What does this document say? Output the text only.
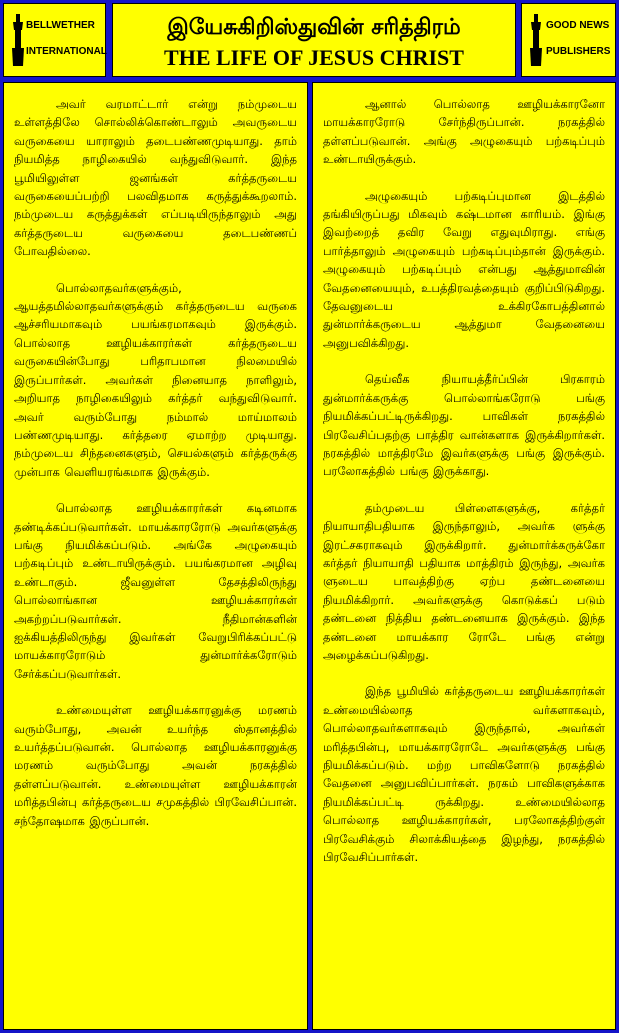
BELLWETHER
INTERNATIONAL
இயேசுகிறிஸ்துவின் சரித்திரம்
THE LIFE OF JESUS CHRIST
GOOD NEWS
PUBLISHERS

அவர் வரமாட்டார் என்று நம்முடைய உள்ளத்திலே சொல்லிக்கொண்டாலும் அவருடைய வருகையை யாராலும் தடைபண்ணமுடியாது. தாம் நியமித்த நாழிகையில் வந்துவிடுவார். இந்த பூமியிலுள்ள ஜனங்கள் கர்த்தருடைய வருகையைப்பற்றி பலவிதமாக கருத்துக்கூறலாம். நம்முடைய கருத்துக்கள் எப்படியிருந்தாலும் அது கர்த்தருடைய வருகையை தடைபண்ணப் போவதில்லை.

பொல்லாதவர்களுக்கும், ஆயத்தமில்லாதவர்களுக்கும் கர்த்தருடைய வருகை ஆச்சரியமாகவும் பயங்கரமாகவும் இருக்கும். பொல்லாத ஊழியக்காரர்கள் கர்த்தருடைய வருகையின்போது பரிதாபமான நிலமையில் இருப்பார்கள். அவர்கள் நினையாத நாளிலும், அறியாத நாழிகையிலும் கர்த்தர் வந்துவிடுவார். அவர் வரும்போது நம்மால் மாய்மாலம் பண்ணமுடியாது. கர்த்தரை ஏமாற்ற முடியாது. நம்முடைய சிந்தனைகளும், செயல்களும் கர்த்தருக்கு முன்பாக வெளியரங்கமாக இருக்கும்.

பொல்லாத ஊழியக்காரர்கள் கடினமாக தண்டிக்கப்படுவார்கள். மாயக்காரரோடு அவர்களுக்கு பங்கு நியமிக்கப்படும். அங்கே அழுகையும் பற்கடிப்பும் உண்டாயிருக்கும். பயங்கரமான அழிவு உண்டாகும். ஜீவனுள்ள தேசத்திலிருந்து பொல்லாங்கான ஊழியக்காரர்கள் அகற்றப்படுவார்கள். நீதிமான்களின் ஐக்கியத்திலிருந்து இவர்கள் வேறுபிரிக்கப்பட்டு மாயக்காரரோடும் துன்மார்க்கரோடும் சேர்க்கப்படுவார்கள்.

உண்மையுள்ள ஊழியக்காரனுக்கு மரணம் வரும்போது, அவன் உயர்ந்த ஸ்தானத்தில் உயர்த்தப்படுவான். பொல்லாத ஊழியக்காரனுக்கு மரணம் வரும்போது அவன் நரகத்தில் தள்ளப்படுவான். உண்மையுள்ள ஊழியக்காரன் மரித்தபின்பு கர்த்தருடைய சமுகத்தில் பிரவேசிப்பான். சந்தோஷமாக இருப்பான்.

ஆனால் பொல்லாத ஊழியக்காரனோ மாயக்காரரோடு சேர்ந்திருப்பான். நரகத்தில் தள்ளப்படுவான். அங்கு அழுகையும் பற்கடிப்பும் உண்டாயிருக்கும்.

அழுகையும் பற்கடிப்புமான இடத்தில் தங்கியிருப்பது மிகவும் கஷ்டமான காரியம். இங்கு இவற்றைத் தவிர வேறு எதுவுமிராது. எங்கு பார்த்தாலும் அழுகையும் பற்கடிப்பும்தான் இருக்கும். அழுகையும் பற்கடிப்பும் என்பது ஆத்துமாவின் வேதனையையும், உபத்திரவத்தையும் குறிப்பிடுகிறது. தேவனுடைய உக்கிரகோபத்தினால் துன்மார்க்கருடைய ஆத்துமா வேதனையை அனுபவிக்கிறது.

தெய்வீக நியாயத்தீர்ப்பின் பிரகாரம் துன்மார்க்கருக்கு பொல்லாங்கரோடு பங்கு நியமிக்கப்பட்டிருக்கிறது. பாவிகள் நரகத்தில் பிரவேசிப்பதற்கு பாத்திர வான்களாக இருக்கிறார்கள். நரகத்தில் மாத்திரமே இவர்களுக்கு பங்கு இருக்கும். பரலோகத்தில் பங்கு இருக்காது.

தம்முடைய பிள்ளைகளுக்கு, கர்த்தர் நியாயாதிபதியாக இருந்தாலும், அவர்க ளுக்கு இரட்சகராகவும் இருக்கிறார். துன்மார்க்கருக்கோ கர்த்தர் நியாயாதி பதியாக மாத்திரம் இருந்து, அவர்க ளுடைய பாவத்திற்கு ஏற்ப தண்டனையை நியமிக்கிறார். அவர்களுக்கு கொடுக்கப் படும் தண்டனை நித்திய தண்டனையாக இருக்கும். இந்த தண்டனை மாயக்கார ரோடே பங்கு என்று அழைக்கப்படுகிறது.

இந்த பூமியில் கர்த்தருடைய ஊழியக்காரர்கள் உண்மையில்லாத வர்களாகவும், பொல்லாதவர்களாகவும் இருந்தால், அவர்கள் மரித்தபின்பு, மாயக்காரரோடே அவர்களுக்கு பங்கு நியமிக்கப்படும். மற்ற பாவிகளோடு நரகத்தில் வேதனை அனுபவிப்பார்கள். நரகம் பாவிகளுக்காக நியமிக்கப்பட்டி ருக்கிறது. உண்மையில்லாத பொல்லாத ஊழியக்காரர்கள், பரலோகத்திற்குள் பிரவேசிக்கும் சிலாக்கியத்தை இழந்து, நரகத்தில் பிரவேசிப்பார்கள்.
